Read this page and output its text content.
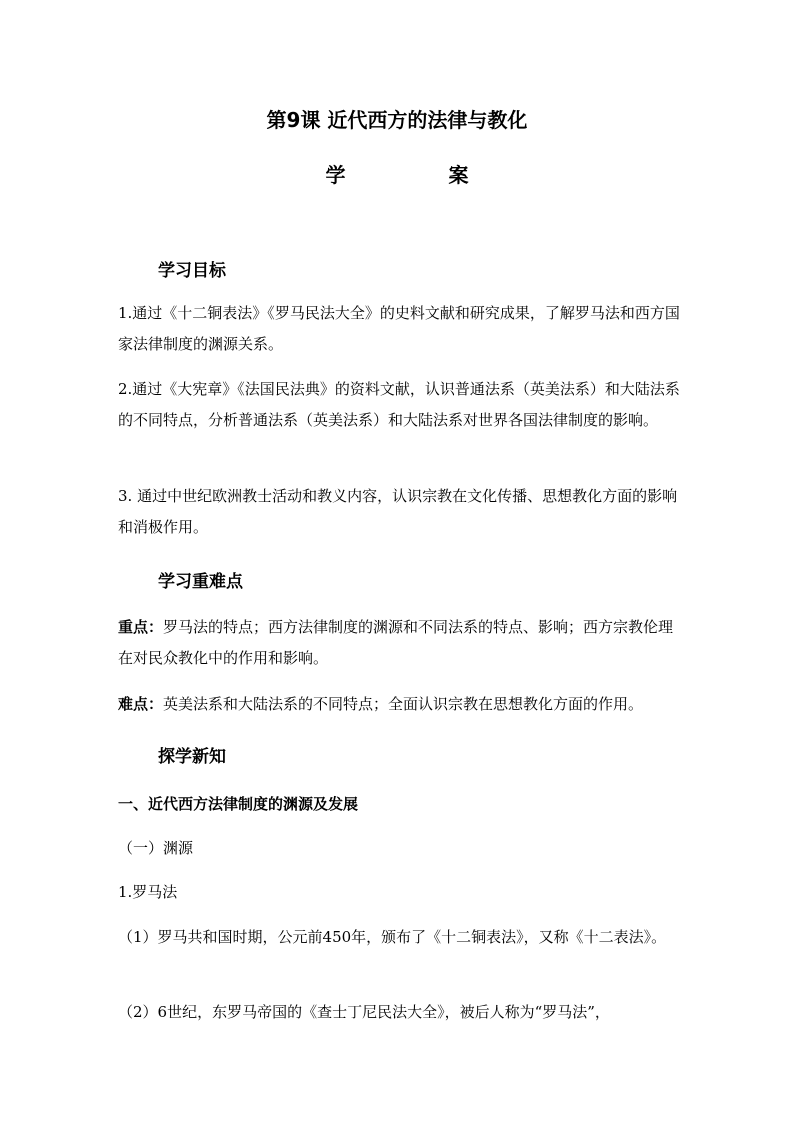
第9课 近代西方的法律与教化
学 案
学习目标
1.通过《十二铜表法》《罗马民法大全》的史料文献和研究成果，了解罗马法和西方国家法律制度的渊源关系。
2.通过《大宪章》《法国民法典》的资料文献，认识普通法系（英美法系）和大陆法系的不同特点，分析普通法系（英美法系）和大陆法系对世界各国法律制度的影响。
3. 通过中世纪欧洲教士活动和教义内容，认识宗教在文化传播、思想教化方面的影响和消极作用。
学习重难点
重点：罗马法的特点；西方法律制度的渊源和不同法系的特点、影响；西方宗教伦理在对民众教化中的作用和影响。
难点：英美法系和大陆法系的不同特点；全面认识宗教在思想教化方面的作用。
探学新知
一、近代西方法律制度的渊源及发展
（一）渊源
1.罗马法
（1）罗马共和国时期，公元前450年，颁布了《十二铜表法》，又称《十二表法》。
（2）6世纪，东罗马帝国的《查士丁尼民法大全》，被后人称为“罗马法”，
